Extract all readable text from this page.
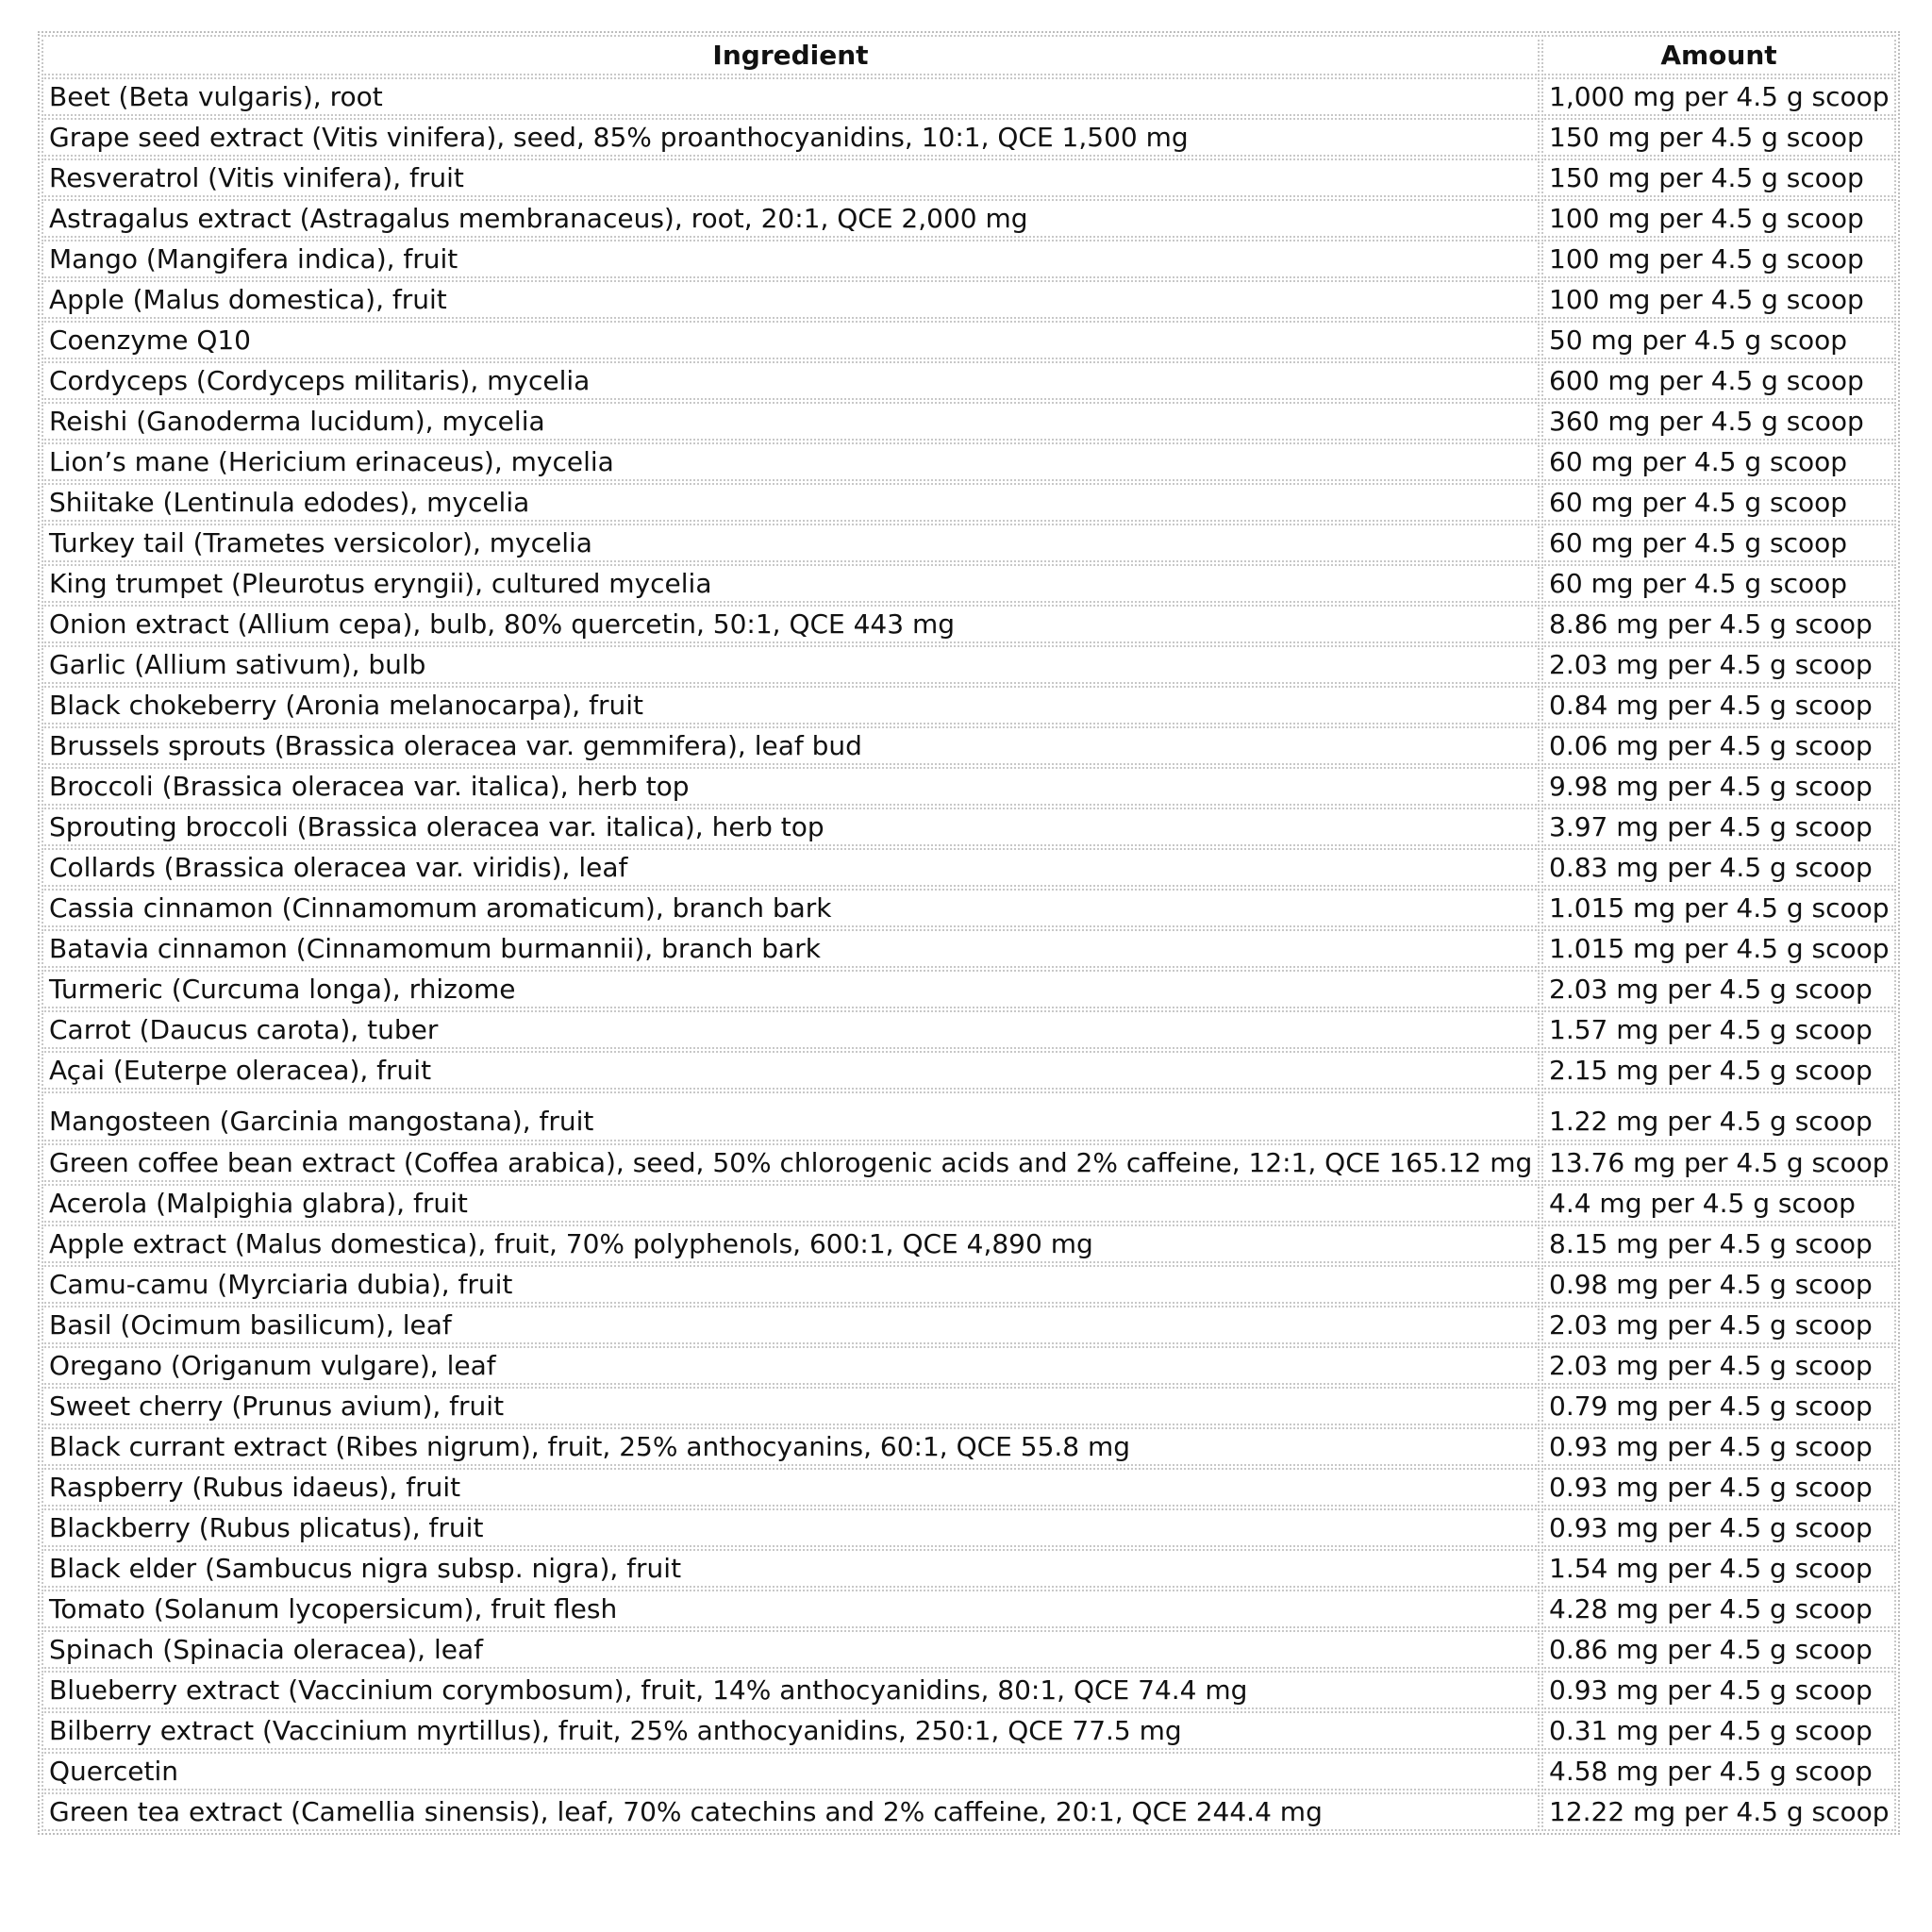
Ingredient	Amount
Beet (Beta vulgaris), root	1,000 mg per 4.5 g scoop
Grape seed extract (Vitis vinifera), seed, 85% proanthocyanidins, 10:1, QCE 1,500 mg	150 mg per 4.5 g scoop
Resveratrol (Vitis vinifera), fruit	150 mg per 4.5 g scoop
Astragalus extract (Astragalus membranaceus), root, 20:1, QCE 2,000 mg	100 mg per 4.5 g scoop
Mango (Mangifera indica), fruit	100 mg per 4.5 g scoop
Apple (Malus domestica), fruit	100 mg per 4.5 g scoop
Coenzyme Q10	50 mg per 4.5 g scoop
Cordyceps (Cordyceps militaris), mycelia	600 mg per 4.5 g scoop
Reishi (Ganoderma lucidum), mycelia	360 mg per 4.5 g scoop
Lion’s mane (Hericium erinaceus), mycelia	60 mg per 4.5 g scoop
Shiitake (Lentinula edodes), mycelia	60 mg per 4.5 g scoop
Turkey tail (Trametes versicolor), mycelia	60 mg per 4.5 g scoop
King trumpet (Pleurotus eryngii), cultured mycelia	60 mg per 4.5 g scoop
Onion extract (Allium cepa), bulb, 80% quercetin, 50:1, QCE 443 mg	8.86 mg per 4.5 g scoop
Garlic (Allium sativum), bulb	2.03 mg per 4.5 g scoop
Black chokeberry (Aronia melanocarpa), fruit	0.84 mg per 4.5 g scoop
Brussels sprouts (Brassica oleracea var. gemmifera), leaf bud	0.06 mg per 4.5 g scoop
Broccoli (Brassica oleracea var. italica), herb top	9.98 mg per 4.5 g scoop
Sprouting broccoli (Brassica oleracea var. italica), herb top	3.97 mg per 4.5 g scoop
Collards (Brassica oleracea var. viridis), leaf	0.83 mg per 4.5 g scoop
Cassia cinnamon (Cinnamomum aromaticum), branch bark	1.015 mg per 4.5 g scoop
Batavia cinnamon (Cinnamomum burmannii), branch bark	1.015 mg per 4.5 g scoop
Turmeric (Curcuma longa), rhizome	2.03 mg per 4.5 g scoop
Carrot (Daucus carota), tuber	1.57 mg per 4.5 g scoop
Açai (Euterpe oleracea), fruit	2.15 mg per 4.5 g scoop
Mangosteen (Garcinia mangostana), fruit	1.22 mg per 4.5 g scoop
Green coffee bean extract (Coffea arabica), seed, 50% chlorogenic acids and 2% caffeine, 12:1, QCE 165.12 mg	13.76 mg per 4.5 g scoop
Acerola (Malpighia glabra), fruit	4.4 mg per 4.5 g scoop
Apple extract (Malus domestica), fruit, 70% polyphenols, 600:1, QCE 4,890 mg	8.15 mg per 4.5 g scoop
Camu-camu (Myrciaria dubia), fruit	0.98 mg per 4.5 g scoop
Basil (Ocimum basilicum), leaf	2.03 mg per 4.5 g scoop
Oregano (Origanum vulgare), leaf	2.03 mg per 4.5 g scoop
Sweet cherry (Prunus avium), fruit	0.79 mg per 4.5 g scoop
Black currant extract (Ribes nigrum), fruit, 25% anthocyanins, 60:1, QCE 55.8 mg	0.93 mg per 4.5 g scoop
Raspberry (Rubus idaeus), fruit	0.93 mg per 4.5 g scoop
Blackberry (Rubus plicatus), fruit	0.93 mg per 4.5 g scoop
Black elder (Sambucus nigra subsp. nigra), fruit	1.54 mg per 4.5 g scoop
Tomato (Solanum lycopersicum), fruit flesh	4.28 mg per 4.5 g scoop
Spinach (Spinacia oleracea), leaf	0.86 mg per 4.5 g scoop
Blueberry extract (Vaccinium corymbosum), fruit, 14% anthocyanidins, 80:1, QCE 74.4 mg	0.93 mg per 4.5 g scoop
Bilberry extract (Vaccinium myrtillus), fruit, 25% anthocyanidins, 250:1, QCE 77.5 mg	0.31 mg per 4.5 g scoop
Quercetin	4.58 mg per 4.5 g scoop
Green tea extract (Camellia sinensis), leaf, 70% catechins and 2% caffeine, 20:1, QCE 244.4 mg	12.22 mg per 4.5 g scoop
